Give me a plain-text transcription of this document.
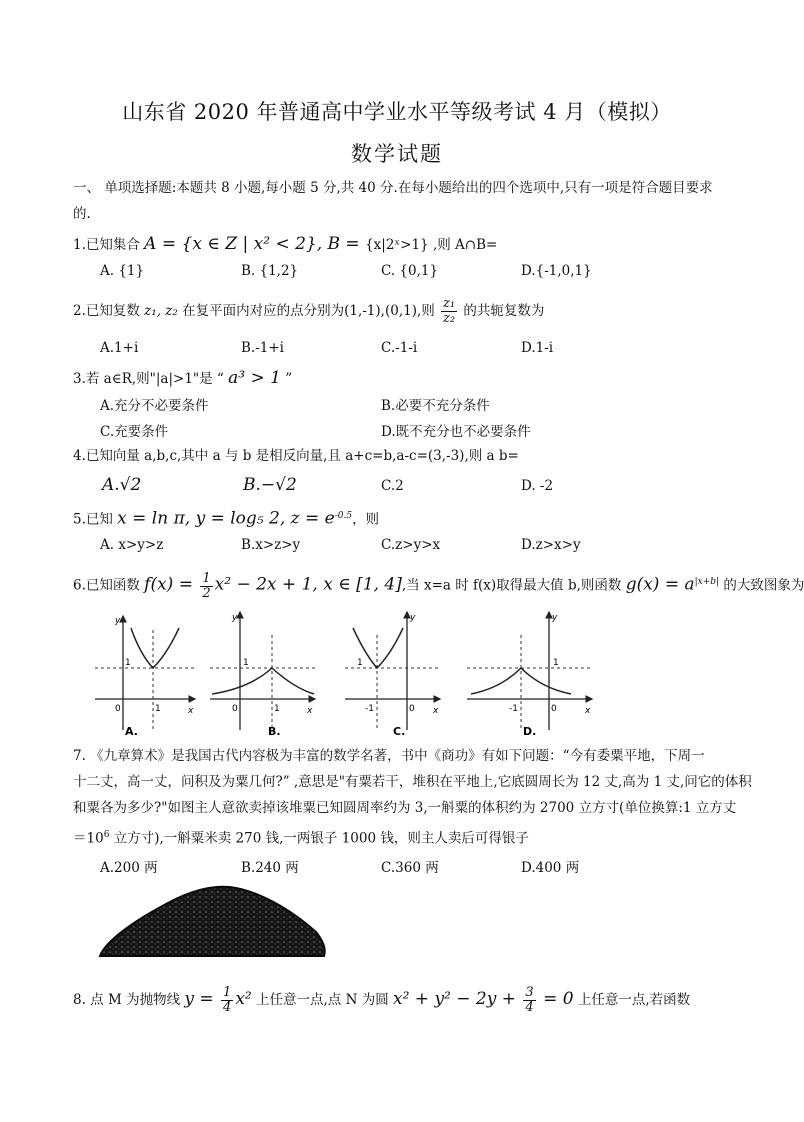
山东省 2020 年普通高中学业水平等级考试 4 月（模拟）
数学试题
一、 单项选择题:本题共 8 小题,每小题 5 分,共 40 分.在每小题给出的四个选项中,只有一项是符合题目要求
的.
1.已知集合 A = {x ∈ Z | x² < 2}, B = {x|2ˣ>1} ,则 A∩B=
A. {1}	B. {1,2}	C. {0,1}	D.{-1,0,1}
2.已知复数 z₁, z₂ 在复平面内对应的点分别为(1,-1),(0,1),则 $\frac{\text{z₁}}{\text{z₂}}$ 的共轭复数为
A.1+i	B.-1+i	C.-1-i	D.1-i
3.若 a∈R,则"|a|>1"是 “ a³ > 1 ”
A.充分不必要条件	B.必要不充分条件
C.充要条件	D.既不充分也不必要条件
4.已知向量 a,b,c,其中 a 与 b 是相反向量,且 a+c=b,a-c=(3,-3),则 a b=
A.√2	B.−√2	C.2	D. -2
5.已知 x = ln π, y = log₅ 2, $z = e^{-0.5}$，则
A. x>y>z	B.x>z>y	C.z>y>x	D.z>x>y
6.已知函数 $f(x) = \frac{1}{2} x^2 - 2x + 1$, x ∈ [1, 4],当 x=a 时 f(x)取得最大值 b,则函数 $g(x) = a^{|x+b|}$ 的大致图象为
y
x
0	1
1
A.
y
x
0	1
1
B.
y
x
-1	0
1
C.
y
x
-1	0
1
D.
7. 《九章算术》是我国古代内容极为丰富的数学名著，书中《商功》有如下问题：“今有委粟平地，下周一
十二丈，高一丈，问积及为粟几何?” ,意思是"有粟若干，堆积在平地上,它底圆周长为 12 丈,高为 1 丈,问它的体积
和粟各为多少?"如图主人意欲卖掉该堆粟已知圆周率约为 3,一斛粟的体积约为 2700 立方寸(单位换算:1 立方丈
$=10^6$ 立方寸),一斛粟米卖 270 钱,一两银子 1000 钱，则主人卖后可得银子
A.200 两	B.240 两	C.360 两	D.400 两
8. 点 M 为抛物线 $y = \frac{1}{4} x^2$ 上任意一点,点 N 为圆 $x^2 + y^2 - 2y + \frac{3}{4} = 0$ 上任意一点,若函数
